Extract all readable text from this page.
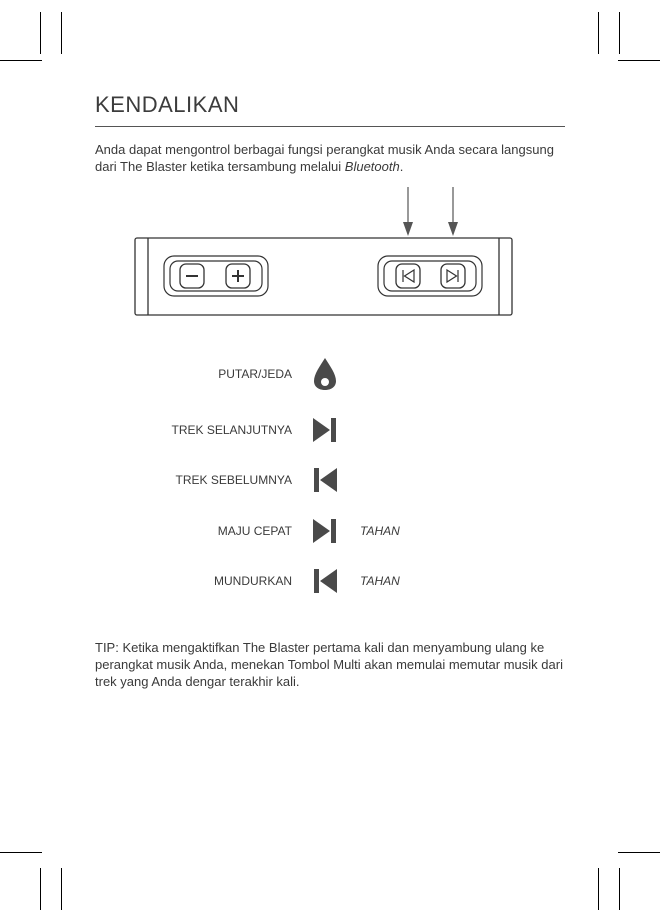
KENDALIKAN

Anda dapat mengontrol berbagai fungsi perangkat musik Anda secara langsung dari The Blaster ketika tersambung melalui Bluetooth.

PUTAR/JEDA
TREK SELANJUTNYA
TREK SEBELUMNYA
MAJU CEPAT	TAHAN
MUNDURKAN	TAHAN

TIP: Ketika mengaktifkan The Blaster pertama kali dan menyambung ulang ke perangkat musik Anda, menekan Tombol Multi akan memulai memutar musik dari trek yang Anda dengar terakhir kali.
